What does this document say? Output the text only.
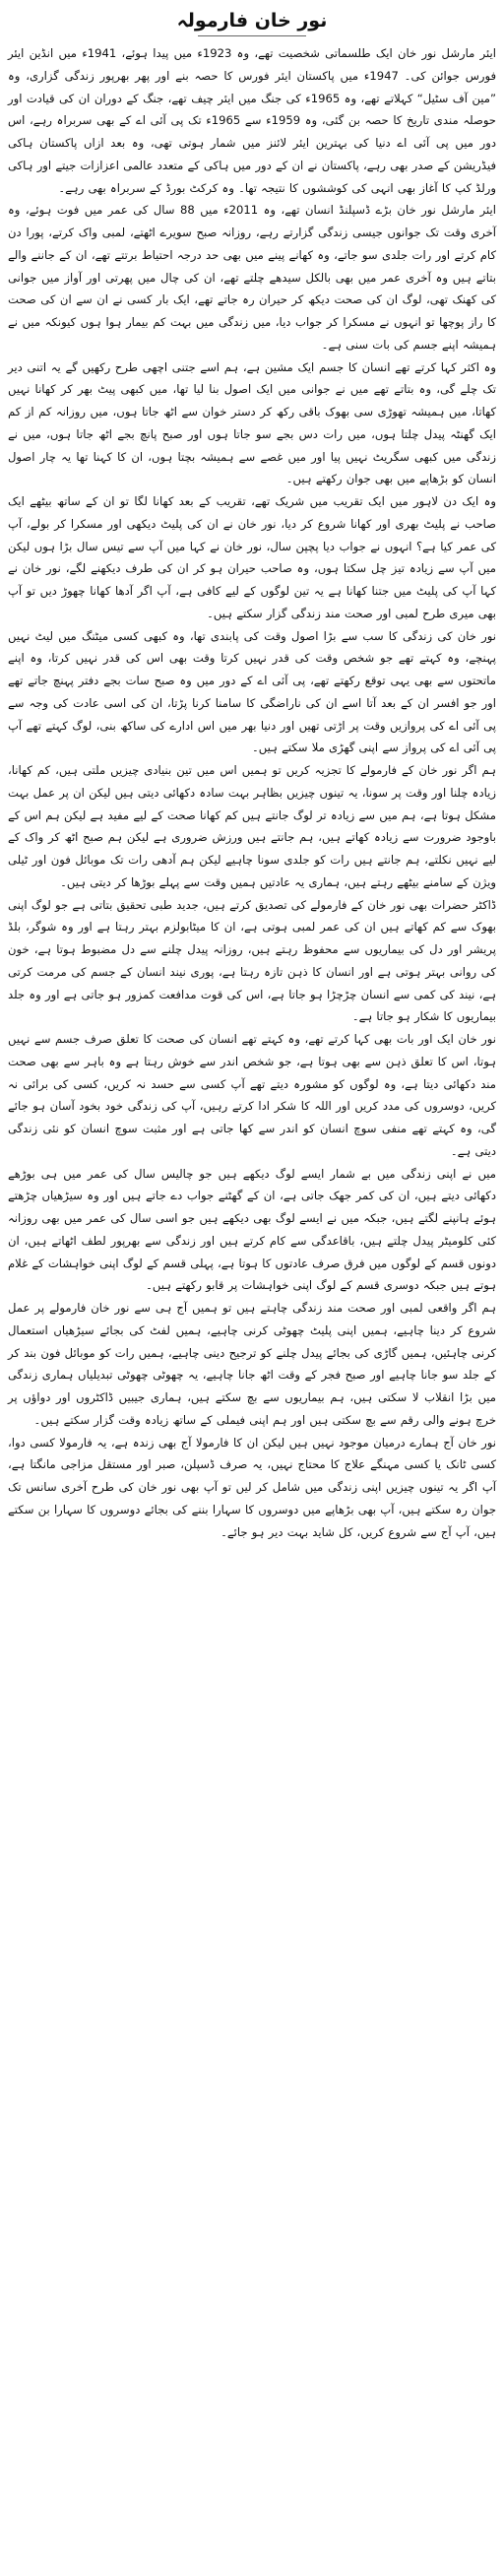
نور خان فارمولہ

ایئر مارشل نور خان ایک طلسماتی شخصیت تھے، وہ 1923ء میں پیدا ہوئے، 1941ء میں انڈین ایئر فورس جوائن کی۔ 1947ء میں پاکستان ایئر فورس کا حصہ بنے اور پھر بھرپور زندگی گزاری، وہ ”مین آف سٹیل“ کہلاتے تھے، وہ 1965ء کی جنگ میں ایئر چیف تھے، جنگ کے دوران ان کی قیادت اور حوصلہ مندی تاریخ کا حصہ بن گئی، وہ 1959ء سے 1965ء تک پی آئی اے کے بھی سربراہ رہے، اس دور میں پی آئی اے دنیا کی بہترین ایئر لائنز میں شمار ہوتی تھی، وہ بعد ازاں پاکستان ہاکی فیڈریشن کے صدر بھی رہے، پاکستان نے ان کے دور میں ہاکی کے متعدد عالمی اعزازات جیتے اور ہاکی ورلڈ کپ کا آغاز بھی انہی کی کوششوں کا نتیجہ تھا۔ وہ کرکٹ بورڈ کے سربراہ بھی رہے۔

ایئر مارشل نور خان بڑے ڈسپلنڈ انسان تھے، وہ 2011ء میں 88 سال کی عمر میں فوت ہوئے، وہ آخری وقت تک جوانوں جیسی زندگی گزارتے رہے، روزانہ صبح سویرے اٹھتے، لمبی واک کرتے، پورا دن کام کرتے اور رات جلدی سو جاتے، وہ کھانے پینے میں بھی حد درجہ احتیاط برتتے تھے، ان کے جاننے والے بتاتے ہیں وہ آخری عمر میں بھی بالکل سیدھے چلتے تھے، ان کی چال میں پھرتی اور آواز میں جوانی کی کھنک تھی، لوگ ان کی صحت دیکھ کر حیران رہ جاتے تھے، ایک بار کسی نے ان سے ان کی صحت کا راز پوچھا تو انہوں نے مسکرا کر جواب دیا، میں زندگی میں بہت کم بیمار ہوا ہوں کیونکہ میں نے ہمیشہ اپنے جسم کی بات سنی ہے۔

وہ اکثر کہا کرتے تھے انسان کا جسم ایک مشین ہے، ہم اسے جتنی اچھی طرح رکھیں گے یہ اتنی دیر تک چلے گی، وہ بتاتے تھے میں نے جوانی میں ایک اصول بنا لیا تھا، میں کبھی پیٹ بھر کر کھانا نہیں کھاتا، میں ہمیشہ تھوڑی سی بھوک باقی رکھ کر دستر خوان سے اٹھ جاتا ہوں، میں روزانہ کم از کم ایک گھنٹہ پیدل چلتا ہوں، میں رات دس بجے سو جاتا ہوں اور صبح پانچ بجے اٹھ جاتا ہوں، میں نے زندگی میں کبھی سگریٹ نہیں پیا اور میں غصے سے ہمیشہ بچتا ہوں، ان کا کہنا تھا یہ چار اصول انسان کو بڑھاپے میں بھی جوان رکھتے ہیں۔

وہ ایک دن لاہور میں ایک تقریب میں شریک تھے، تقریب کے بعد کھانا لگا تو ان کے ساتھ بیٹھے ایک صاحب نے پلیٹ بھری اور کھانا شروع کر دیا، نور خان نے ان کی پلیٹ دیکھی اور مسکرا کر بولے، آپ کی عمر کیا ہے؟ انہوں نے جواب دیا پچپن سال، نور خان نے کہا میں آپ سے تیس سال بڑا ہوں لیکن میں آپ سے زیادہ تیز چل سکتا ہوں، وہ صاحب حیران ہو کر ان کی طرف دیکھنے لگے، نور خان نے کہا آپ کی پلیٹ میں جتنا کھانا ہے یہ تین لوگوں کے لیے کافی ہے، آپ اگر آدھا کھانا چھوڑ دیں تو آپ بھی میری طرح لمبی اور صحت مند زندگی گزار سکتے ہیں۔

نور خان کی زندگی کا سب سے بڑا اصول وقت کی پابندی تھا، وہ کبھی کسی میٹنگ میں لیٹ نہیں پہنچے، وہ کہتے تھے جو شخص وقت کی قدر نہیں کرتا وقت بھی اس کی قدر نہیں کرتا، وہ اپنے ماتحتوں سے بھی یہی توقع رکھتے تھے، پی آئی اے کے دور میں وہ صبح سات بجے دفتر پہنچ جاتے تھے اور جو افسر ان کے بعد آتا اسے ان کی ناراضگی کا سامنا کرنا پڑتا، ان کی اسی عادت کی وجہ سے پی آئی اے کی پروازیں وقت پر اڑتی تھیں اور دنیا بھر میں اس ادارے کی ساکھ بنی، لوگ کہتے تھے آپ پی آئی اے کی پرواز سے اپنی گھڑی ملا سکتے ہیں۔

ہم اگر نور خان کے فارمولے کا تجزیہ کریں تو ہمیں اس میں تین بنیادی چیزیں ملتی ہیں، کم کھانا، زیادہ چلنا اور وقت پر سونا، یہ تینوں چیزیں بظاہر بہت سادہ دکھائی دیتی ہیں لیکن ان پر عمل بہت مشکل ہوتا ہے، ہم میں سے زیادہ تر لوگ جانتے ہیں کم کھانا صحت کے لیے مفید ہے لیکن ہم اس کے باوجود ضرورت سے زیادہ کھاتے ہیں، ہم جانتے ہیں ورزش ضروری ہے لیکن ہم صبح اٹھ کر واک کے لیے نہیں نکلتے، ہم جانتے ہیں رات کو جلدی سونا چاہیے لیکن ہم آدھی رات تک موبائل فون اور ٹیلی ویژن کے سامنے بیٹھے رہتے ہیں، ہماری یہ عادتیں ہمیں وقت سے پہلے بوڑھا کر دیتی ہیں۔

ڈاکٹر حضرات بھی نور خان کے فارمولے کی تصدیق کرتے ہیں، جدید طبی تحقیق بتاتی ہے جو لوگ اپنی بھوک سے کم کھاتے ہیں ان کی عمر لمبی ہوتی ہے، ان کا میٹابولزم بہتر رہتا ہے اور وہ شوگر، بلڈ پریشر اور دل کی بیماریوں سے محفوظ رہتے ہیں، روزانہ پیدل چلنے سے دل مضبوط ہوتا ہے، خون کی روانی بہتر ہوتی ہے اور انسان کا ذہن تازہ رہتا ہے، پوری نیند انسان کے جسم کی مرمت کرتی ہے، نیند کی کمی سے انسان چڑچڑا ہو جاتا ہے، اس کی قوت مدافعت کمزور ہو جاتی ہے اور وہ جلد بیماریوں کا شکار ہو جاتا ہے۔

نور خان ایک اور بات بھی کہا کرتے تھے، وہ کہتے تھے انسان کی صحت کا تعلق صرف جسم سے نہیں ہوتا، اس کا تعلق ذہن سے بھی ہوتا ہے، جو شخص اندر سے خوش رہتا ہے وہ باہر سے بھی صحت مند دکھائی دیتا ہے، وہ لوگوں کو مشورہ دیتے تھے آپ کسی سے حسد نہ کریں، کسی کی برائی نہ کریں، دوسروں کی مدد کریں اور اللہ کا شکر ادا کرتے رہیں، آپ کی زندگی خود بخود آسان ہو جائے گی، وہ کہتے تھے منفی سوچ انسان کو اندر سے کھا جاتی ہے اور مثبت سوچ انسان کو نئی زندگی دیتی ہے۔

میں نے اپنی زندگی میں بے شمار ایسے لوگ دیکھے ہیں جو چالیس سال کی عمر میں ہی بوڑھے دکھائی دیتے ہیں، ان کی کمر جھک جاتی ہے، ان کے گھٹنے جواب دے جاتے ہیں اور وہ سیڑھیاں چڑھتے ہوئے ہانپنے لگتے ہیں، جبکہ میں نے ایسے لوگ بھی دیکھے ہیں جو اسی سال کی عمر میں بھی روزانہ کئی کلومیٹر پیدل چلتے ہیں، باقاعدگی سے کام کرتے ہیں اور زندگی سے بھرپور لطف اٹھاتے ہیں، ان دونوں قسم کے لوگوں میں فرق صرف عادتوں کا ہوتا ہے، پہلی قسم کے لوگ اپنی خواہشات کے غلام ہوتے ہیں جبکہ دوسری قسم کے لوگ اپنی خواہشات پر قابو رکھتے ہیں۔

ہم اگر واقعی لمبی اور صحت مند زندگی چاہتے ہیں تو ہمیں آج ہی سے نور خان فارمولے پر عمل شروع کر دینا چاہیے، ہمیں اپنی پلیٹ چھوٹی کرنی چاہیے، ہمیں لفٹ کی بجائے سیڑھیاں استعمال کرنی چاہئیں، ہمیں گاڑی کی بجائے پیدل چلنے کو ترجیح دینی چاہیے، ہمیں رات کو موبائل فون بند کر کے جلد سو جانا چاہیے اور صبح فجر کے وقت اٹھ جانا چاہیے، یہ چھوٹی چھوٹی تبدیلیاں ہماری زندگی میں بڑا انقلاب لا سکتی ہیں، ہم بیماریوں سے بچ سکتے ہیں، ہماری جیبیں ڈاکٹروں اور دواؤں پر خرچ ہونے والی رقم سے بچ سکتی ہیں اور ہم اپنی فیملی کے ساتھ زیادہ وقت گزار سکتے ہیں۔

نور خان آج ہمارے درمیان موجود نہیں ہیں لیکن ان کا فارمولا آج بھی زندہ ہے، یہ فارمولا کسی دوا، کسی ٹانک یا کسی مہنگے علاج کا محتاج نہیں، یہ صرف ڈسپلن، صبر اور مستقل مزاجی مانگتا ہے، آپ اگر یہ تینوں چیزیں اپنی زندگی میں شامل کر لیں تو آپ بھی نور خان کی طرح آخری سانس تک جوان رہ سکتے ہیں، آپ بھی بڑھاپے میں دوسروں کا سہارا بننے کی بجائے دوسروں کا سہارا بن سکتے ہیں، آپ آج سے شروع کریں، کل شاید بہت دیر ہو جائے۔
